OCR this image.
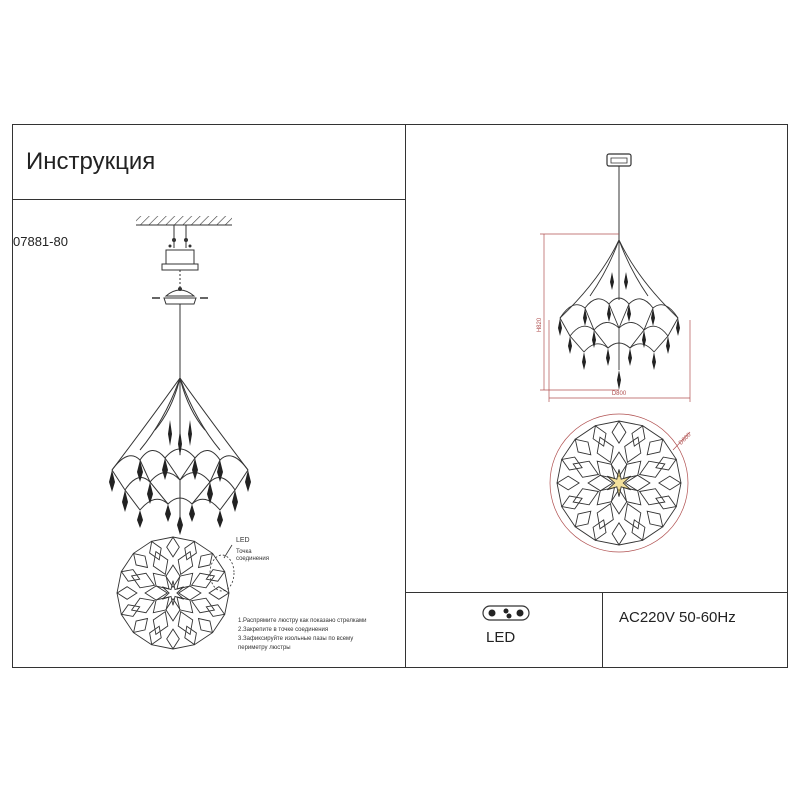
Инструкция
07881-80
H820
D800
D800
LED
Точка
соединения
1.Распрямите люстру как показано стрелками
2.Закрепите в точке соединения
3.Зафиксируйте изольные пазы по всему
периметру люстры
LED
AC220V 50-60Hz
